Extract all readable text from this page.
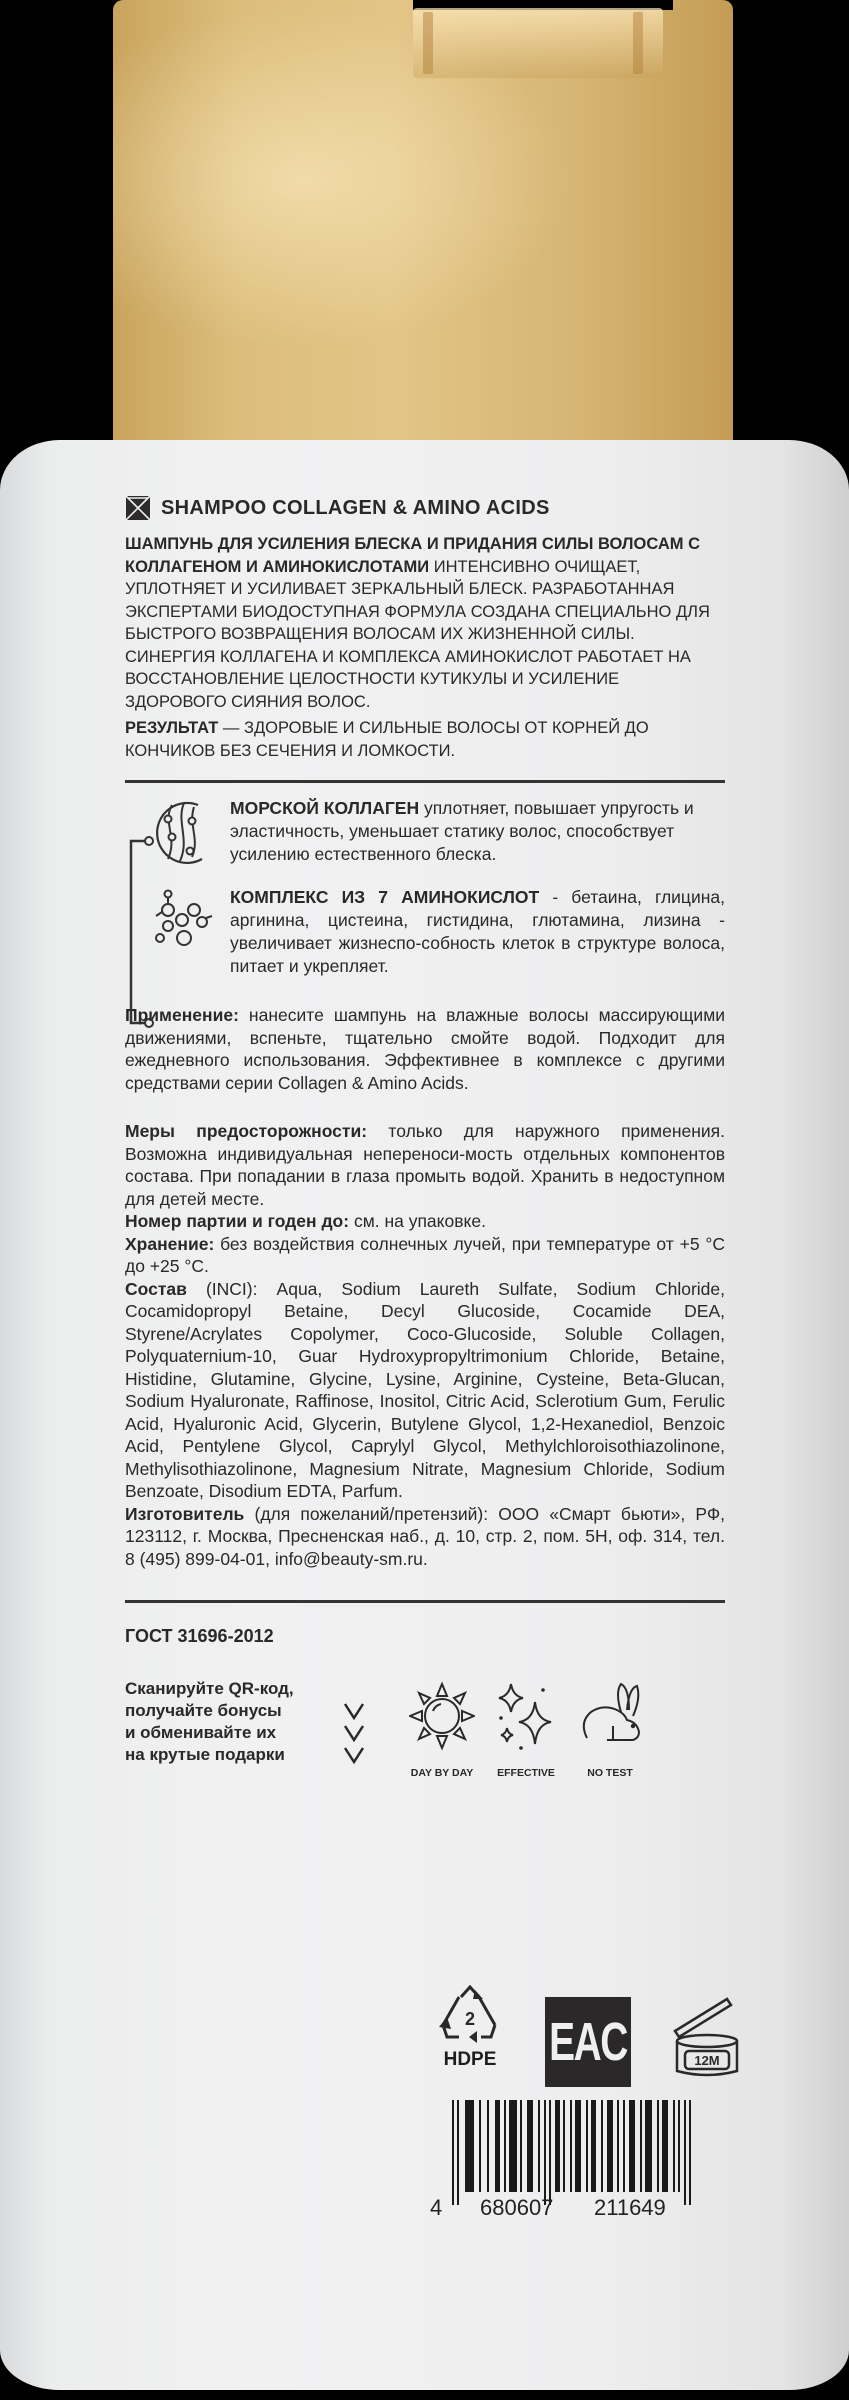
SHAMPOO COLLAGEN & AMINO ACIDS

ШАМПУНЬ ДЛЯ УСИЛЕНИЯ БЛЕСКА И ПРИДАНИЯ СИЛЫ ВОЛОСАМ С КОЛЛАГЕНОМ И АМИНОКИСЛОТАМИ ИНТЕНСИВНО ОЧИЩАЕТ, УПЛОТНЯЕТ И УСИЛИВАЕТ ЗЕРКАЛЬНЫЙ БЛЕСК. РАЗРАБОТАННАЯ ЭКСПЕРТАМИ БИОДОСТУПНАЯ ФОРМУЛА СОЗДАНА СПЕЦИАЛЬНО ДЛЯ БЫСТРОГО ВОЗВРАЩЕНИЯ ВОЛОСАМ ИХ ЖИЗНЕННОЙ СИЛЫ. СИНЕРГИЯ КОЛЛАГЕНА И КОМПЛЕКСА АМИНОКИСЛОТ РАБОТАЕТ НА ВОССТАНОВЛЕНИЕ ЦЕЛОСТНОСТИ КУТИКУЛЫ И УСИЛЕНИЕ ЗДОРОВОГО СИЯНИЯ ВОЛОС.

РЕЗУЛЬТАТ — ЗДОРОВЫЕ И СИЛЬНЫЕ ВОЛОСЫ ОТ КОРНЕЙ ДО КОНЧИКОВ БЕЗ СЕЧЕНИЯ И ЛОМКОСТИ.

МОРСКОЙ КОЛЛАГЕН уплотняет, повышает упругость и эластичность, уменьшает статику волос, способствует усилению естественного блеска.
КОМПЛЕКС ИЗ 7 АМИНОКИСЛОТ - бетаина, глицина, аргинина, цистеина, гистидина, глютамина, лизина - увеличивает жизнеспо-собность клеток в структуре волоса, питает и укрепляет.

Применение: нанесите шампунь на влажные волосы массирующими движениями, вспеньте, тщательно смойте водой. Подходит для ежедневного использования. Эффективнее в комплексе с другими средствами серии Collagen & Amino Acids.

Меры предосторожности: только для наружного применения. Возможна индивидуальная непереноси-мость отдельных компонентов состава. При попадании в глаза промыть водой. Хранить в недоступном для детей месте.

Номер партии и годен до: см. на упаковке.

Хранение: без воздействия солнечных лучей, при температуре от +5 °C до +25 °C.

Состав (INCI): Aqua, Sodium Laureth Sulfate, Sodium Chloride, Cocamidopropyl Betaine, Decyl Glucoside, Cocamide DEA, Styrene/Acrylates Copolymer, Coco-Glucoside, Soluble Collagen, Polyquaternium-10, Guar Hydroxypropyltrimonium Chloride, Betaine, Histidine, Glutamine, Glycine, Lysine, Arginine, Cysteine, Beta-Glucan, Sodium Hyaluronate, Raffinose, Inositol, Citric Acid, Sclerotium Gum, Ferulic Acid, Hyaluronic Acid, Glycerin, Butylene Glycol, 1,2-Hexanediol, Benzoic Acid, Pentylene Glycol, Caprylyl Glycol, Methylchloroisothiazolinone, Methylisothiazolinone, Magnesium Nitrate, Magnesium Chloride, Sodium Benzoate, Disodium EDTA, Parfum.

Изготовитель (для пожеланий/претензий): ООО «Смарт бьюти», РФ, 123112, г. Москва, Пресненская наб., д. 10, стр. 2, пом. 5Н, оф. 314, тел. 8 (495) 899-04-01, info@beauty-sm.ru.

ГОСТ 31696-2012
Сканируйте QR-код,
получайте бонусы
и обменивайте их
на крутые подарки
DAY BY DAY EFFECTIVE	NO TEST
2
HDPE EAC	12M
4 680607 211649
